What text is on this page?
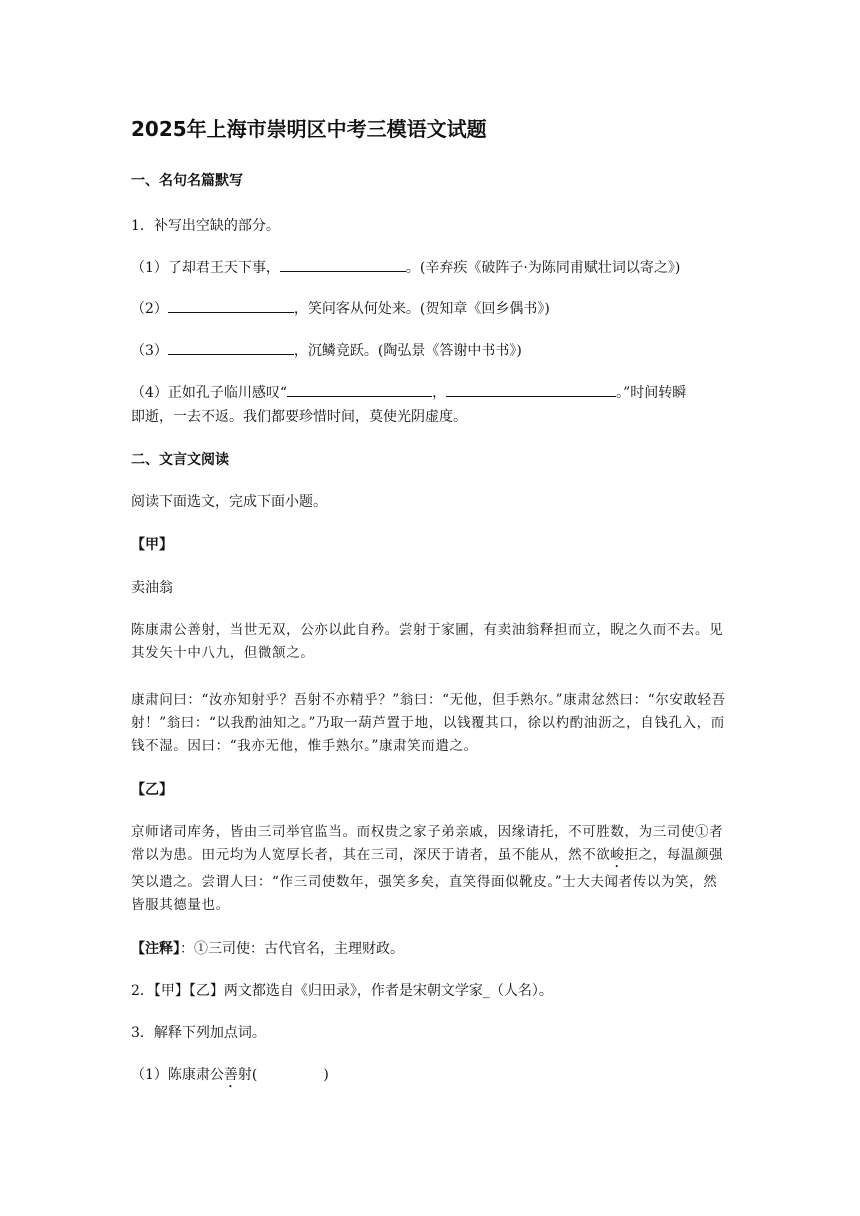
2025年上海市崇明区中考三模语文试题

一、名句名篇默写

1．补写出空缺的部分。

（1）了却君王天下事，	。(辛弃疾《破阵子·为陈同甫赋壮词以寄之》)

（2）	，笑问客从何处来。(贺知章《回乡偶书》)

（3）	，沉鳞竞跃。(陶弘景《答谢中书书》)

（4）正如孔子临川感叹“	，	。”时间转瞬

即逝，一去不返。我们都要珍惜时间，莫使光阴虚度。

二、文言文阅读

阅读下面选文，完成下面小题。

【甲】

卖油翁

陈康肃公善射，当世无双，公亦以此自矜。尝射于家圃，有卖油翁释担而立，睨之久而不去。见其发矢十中八九，但微颔之。

康肃问曰：“汝亦知射乎？吾射不亦精乎？”翁曰：“无他，但手熟尔。”康肃忿然曰：“尔安敢轻吾射！”翁曰：“以我酌油知之。”乃取一葫芦置于地，以钱覆其口，徐以杓酌油沥之，自钱孔入，而钱不湿。因曰：“我亦无他，惟手熟尔。”康肃笑而遣之。

【乙】

京师诸司库务，皆由三司举官监当。而权贵之家子弟亲戚，因缘请托，不可胜数，为三司使①者常以为患。田元均为人宽厚长者，其在三司，深厌于请者，虽不能从，然不欲峻拒之，每温颜强笑以遣之。尝谓人曰：“作三司使数年，强笑多矣，直笑得面似靴皮。”士大夫闻者传以为笑，然皆服其德量也。

【注释】：①三司使：古代官名，主理财政。

2．【甲】【乙】两文都选自《归田录》，作者是宋朝文学家_（人名）。

3．解释下列加点词。

（1）陈康肃公善射(	)
